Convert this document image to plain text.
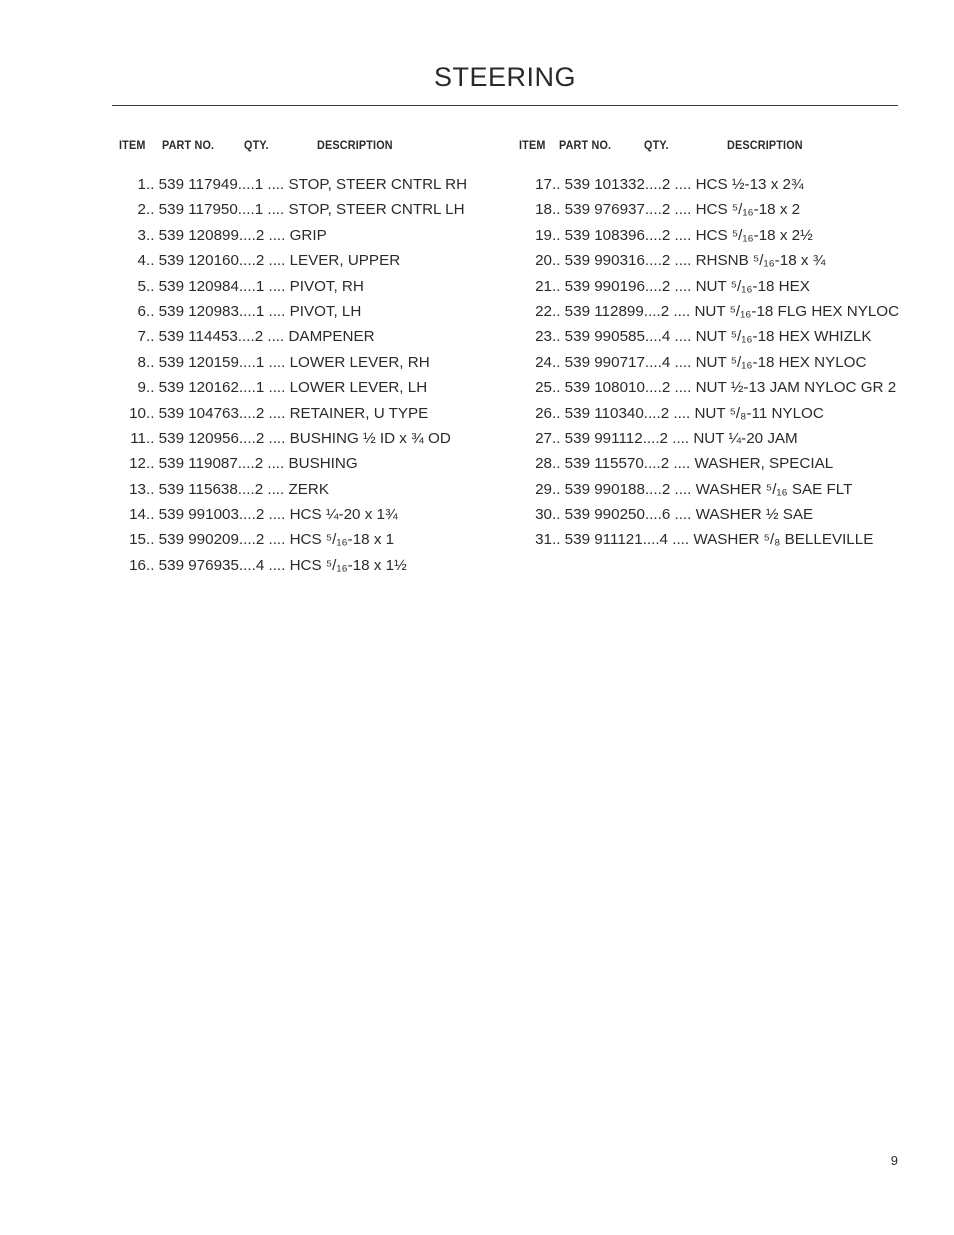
STEERING
ITEM PART NO. QTY.	DESCRIPTION
1.. 539 117949....1 .... STOP, STEER CNTRL RH
2.. 539 117950....1 .... STOP, STEER CNTRL LH
3.. 539 120899....2 .... GRIP
4.. 539 120160....2 .... LEVER, UPPER
5.. 539 120984....1 .... PIVOT, RH
6.. 539 120983....1 .... PIVOT, LH
7.. 539 114453....2 .... DAMPENER
8.. 539 120159....1 .... LOWER LEVER, RH
9.. 539 120162....1 .... LOWER LEVER, LH
10.. 539 104763....2 .... RETAINER, U TYPE
11.. 539 120956....2 .... BUSHING ½ ID x ¾ OD
12.. 539 119087....2 .... BUSHING
13.. 539 115638....2 .... ZERK
14.. 539 991003....2 .... HCS ¼-20 x 1¾
15.. 539 990209....2 .... HCS ⁵/₁₆-18 x 1
16.. 539 976935....4 .... HCS ⁵/₁₆-18 x 1½
ITEM PART NO.	QTY.	DESCRIPTION
17.. 539 101332....2 .... HCS ½-13 x 2¾
18.. 539 976937....2 .... HCS ⁵/₁₆-18 x 2
19.. 539 108396....2 .... HCS ⁵/₁₆-18 x 2½
20.. 539 990316....2 .... RHSNB ⁵/₁₆-18 x ¾
21.. 539 990196....2 .... NUT ⁵/₁₆-18 HEX
22.. 539 112899....2 .... NUT ⁵/₁₆-18 FLG HEX NYLOC
23.. 539 990585....4 .... NUT ⁵/₁₆-18 HEX WHIZLK
24.. 539 990717....4 .... NUT ⁵/₁₆-18 HEX NYLOC
25.. 539 108010....2 .... NUT ½-13 JAM NYLOC GR 2
26.. 539 110340....2 .... NUT ⁵/₈-11 NYLOC
27.. 539 991112....2 .... NUT ¼-20 JAM
28.. 539 115570....2 .... WASHER, SPECIAL
29.. 539 990188....2 .... WASHER ⁵/₁₆ SAE FLT
30.. 539 990250....6 .... WASHER ½ SAE
31.. 539 911121....4 .... WASHER ⁵/₈ BELLEVILLE
9
